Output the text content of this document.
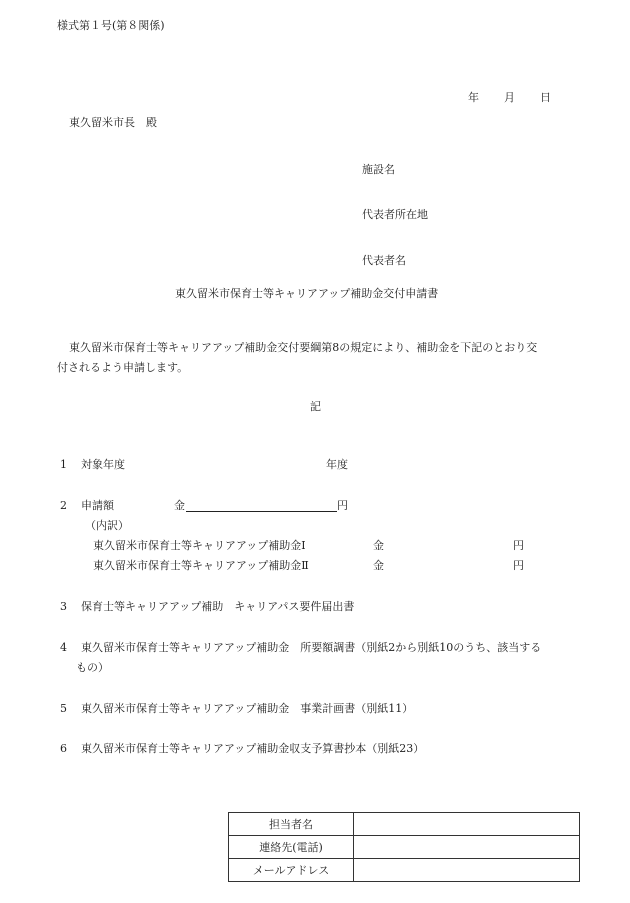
様式第１号(第８関係)
年 月 日
東久留米市長　殿
施設名
代表者所在地
代表者名
東久留米市保育士等キャリアアップ補助金交付申請書
東久留米市保育士等キャリアアップ補助金交付要綱第8の規定により、補助金を下記のとおり交
付されるよう申請します。
記
1 対象年度	年度
2 申請額	金	円
（内訳）
東久留米市保育士等キャリアアップ補助金Ⅰ	金	円
東久留米市保育士等キャリアアップ補助金Ⅱ	金	円
3 保育士等キャリアアップ補助　キャリアパス要件届出書
4 東久留米市保育士等キャリアアップ補助金　所要額調書（別紙2から別紙10のうち、該当する
もの）
5 東久留米市保育士等キャリアアップ補助金　事業計画書（別紙11）
6 東久留米市保育士等キャリアアップ補助金収支予算書抄本（別紙23）
担当者名	
連絡先(電話)	
メールアドレス	
